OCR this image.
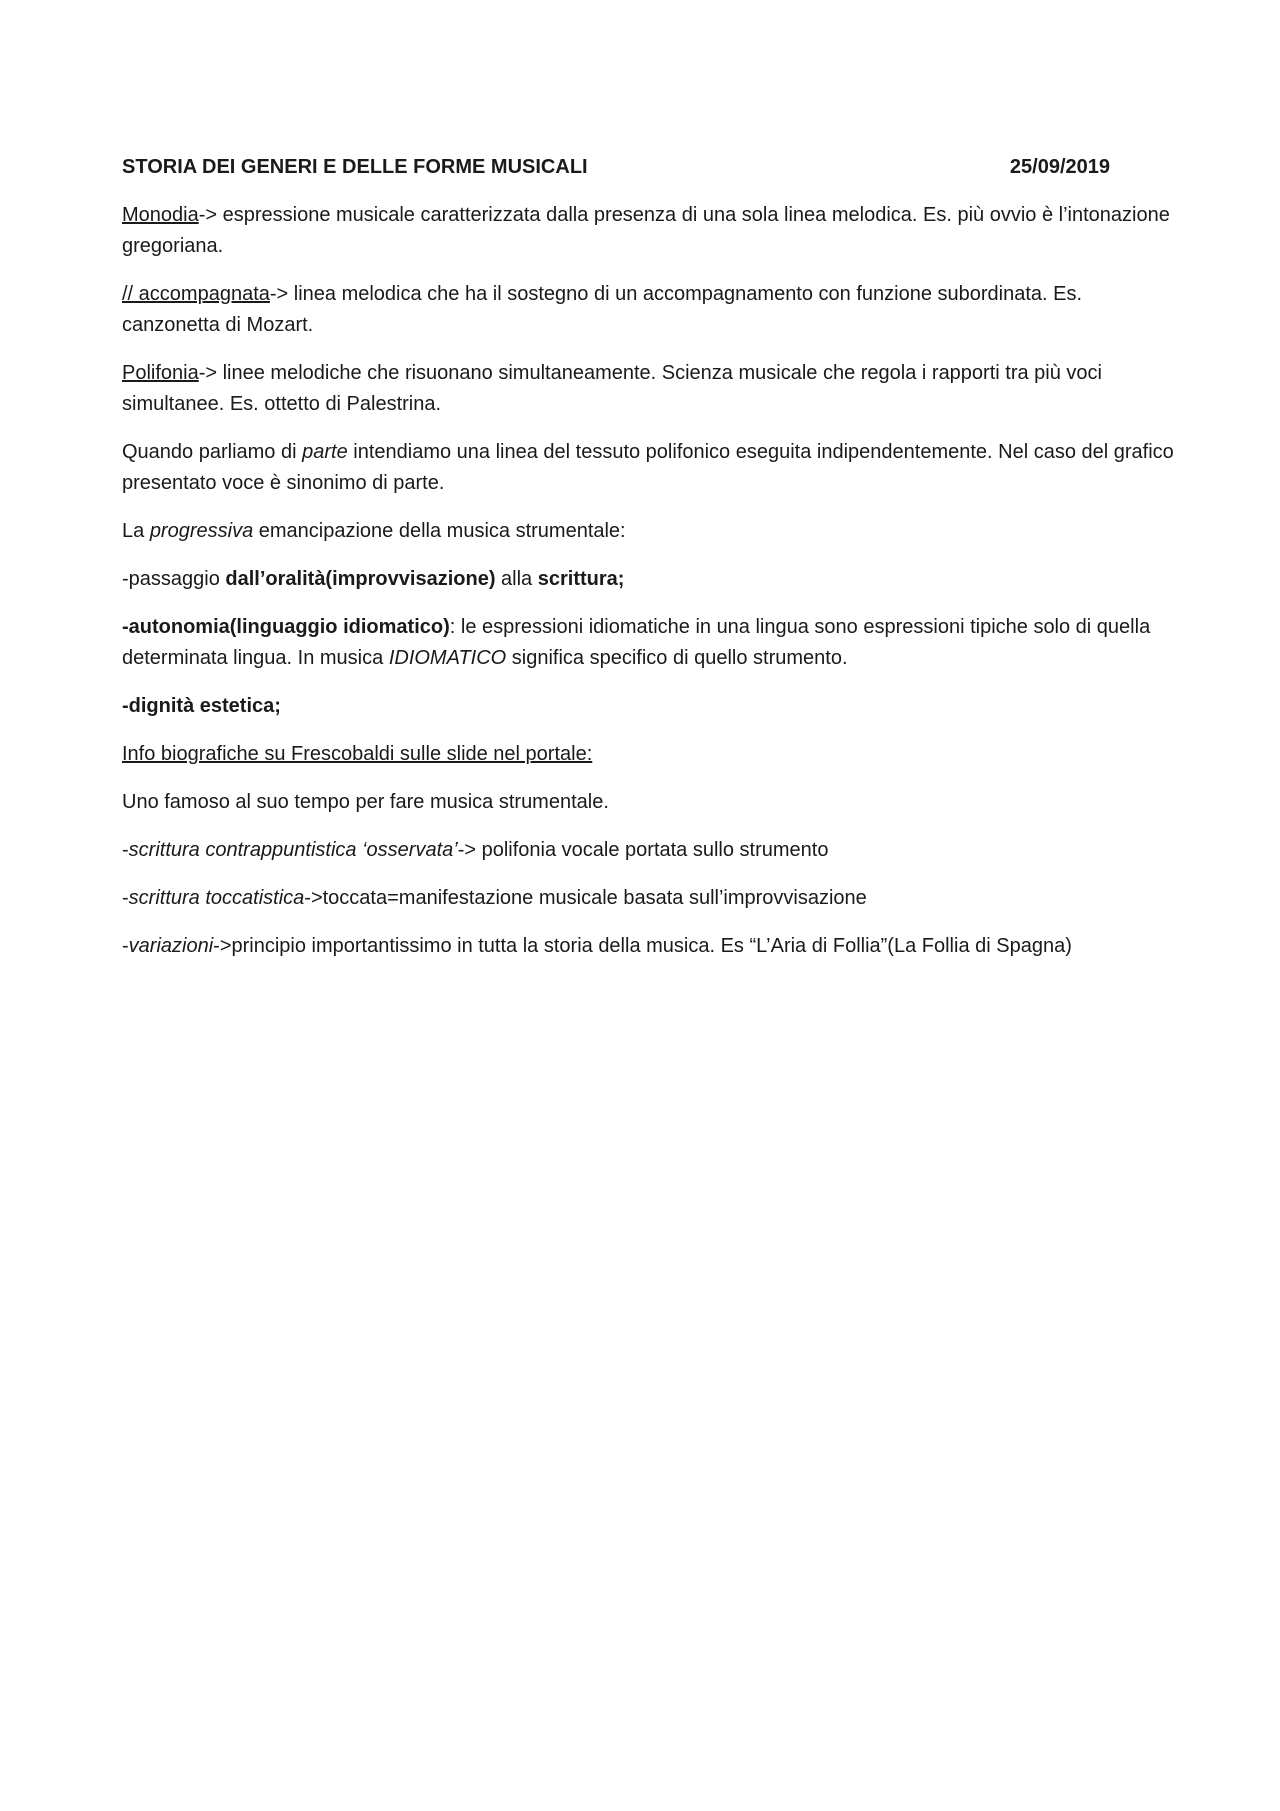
STORIA DEI GENERI E DELLE FORME MUSICALI	25/09/2019

Monodia-> espressione musicale caratterizzata dalla presenza di una sola linea melodica. Es. più ovvio è l’intonazione gregoriana.

// accompagnata-> linea melodica che ha il sostegno di un accompagnamento con funzione subordinata. Es. canzonetta di Mozart.

Polifonia-> linee melodiche che risuonano simultaneamente. Scienza musicale che regola i rapporti tra più voci simultanee. Es. ottetto di Palestrina.

Quando parliamo di parte intendiamo una linea del tessuto polifonico eseguita indipendentemente. Nel caso del grafico presentato voce è sinonimo di parte.

La progressiva emancipazione della musica strumentale:

-passaggio dall’oralità(improvvisazione) alla scrittura;

-autonomia(linguaggio idiomatico): le espressioni idiomatiche in una lingua sono espressioni tipiche solo di quella determinata lingua. In musica IDIOMATICO significa specifico di quello strumento.

-dignità estetica;

Info biografiche su Frescobaldi sulle slide nel portale:

Uno famoso al suo tempo per fare musica strumentale.

-scrittura contrappuntistica ‘osservata’-> polifonia vocale portata sullo strumento

-scrittura toccatistica->toccata=manifestazione musicale basata sull’improvvisazione

-variazioni->principio importantissimo in tutta la storia della musica. Es “L’Aria di Follia”(La Follia di Spagna)
